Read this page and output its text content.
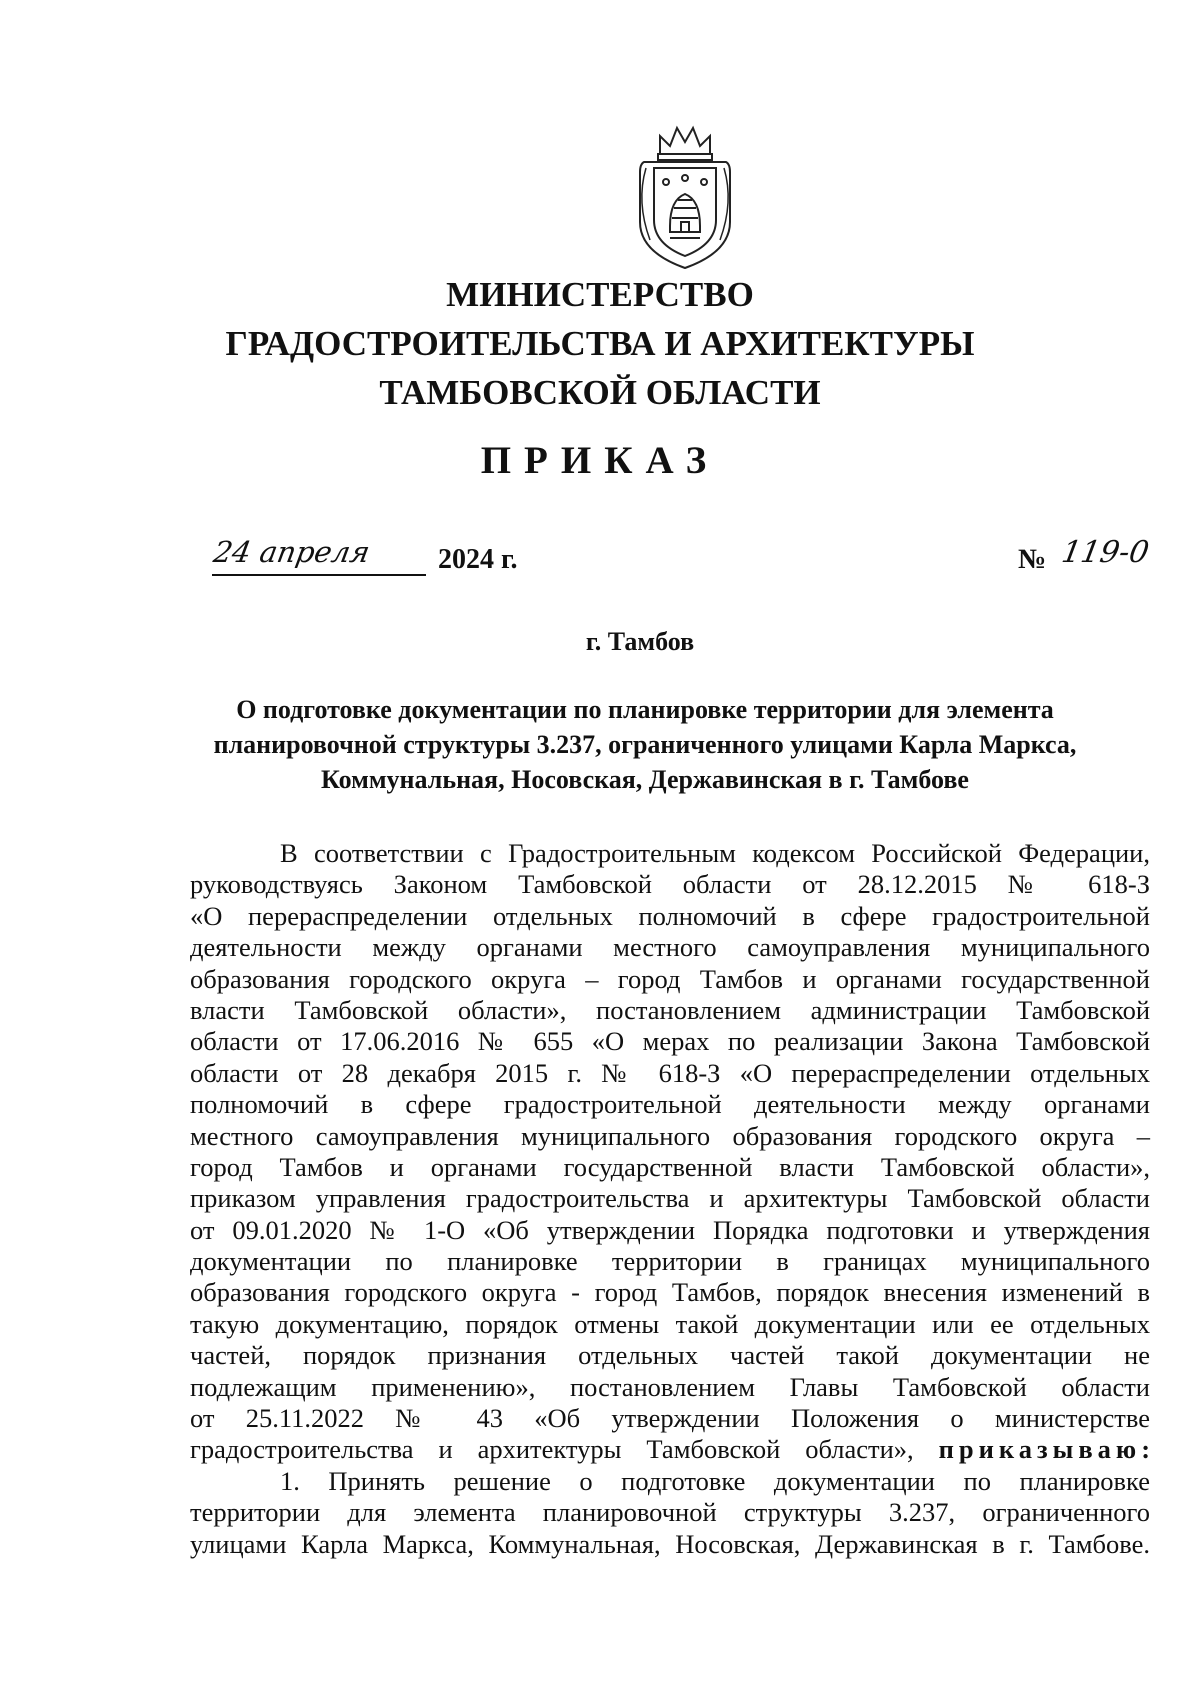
МИНИСТЕРСТВО
ГРАДОСТРОИТЕЛЬСТВА И АРХИТЕКТУРЫ
ТАМБОВСКОЙ ОБЛАСТИ
ПРИКАЗ
24 апреля	2024 г.	№ 119-0
г. Тамбов
О подготовке документации по планировке территории для элемента
планировочной структуры 3.237, ограниченного улицами Карла Маркса,
Коммунальная, Носовская, Державинская в г. Тамбове
В соответствии с Градостроительным кодексом Российской Федерации,
руководствуясь Законом Тамбовской области от 28.12.2015 № 618-З
«О перераспределении отдельных полномочий в сфере градостроительной
деятельности между органами местного самоуправления муниципального
образования городского округа – город Тамбов и органами государственной
власти Тамбовской области», постановлением администрации Тамбовской
области от 17.06.2016 № 655 «О мерах по реализации Закона Тамбовской
области от 28 декабря 2015 г. № 618-З «О перераспределении отдельных
полномочий в сфере градостроительной деятельности между органами
местного самоуправления муниципального образования городского округа –
город Тамбов и органами государственной власти Тамбовской области»,
приказом управления градостроительства и архитектуры Тамбовской области
от 09.01.2020 № 1-О «Об утверждении Порядка подготовки и утверждения
документации по планировке территории в границах муниципального
образования городского округа - город Тамбов, порядок внесения изменений в
такую документацию, порядок отмены такой документации или ее отдельных
частей, порядок признания отдельных частей такой документации не
подлежащим применению», постановлением Главы Тамбовской области
от 25.11.2022 № 43 «Об утверждении Положения о министерстве
градостроительства и архитектуры Тамбовской области», приказываю:
1. Принять решение о подготовке документации по планировке
территории для элемента планировочной структуры 3.237, ограниченного
улицами Карла Маркса, Коммунальная, Носовская, Державинская в г. Тамбове.
